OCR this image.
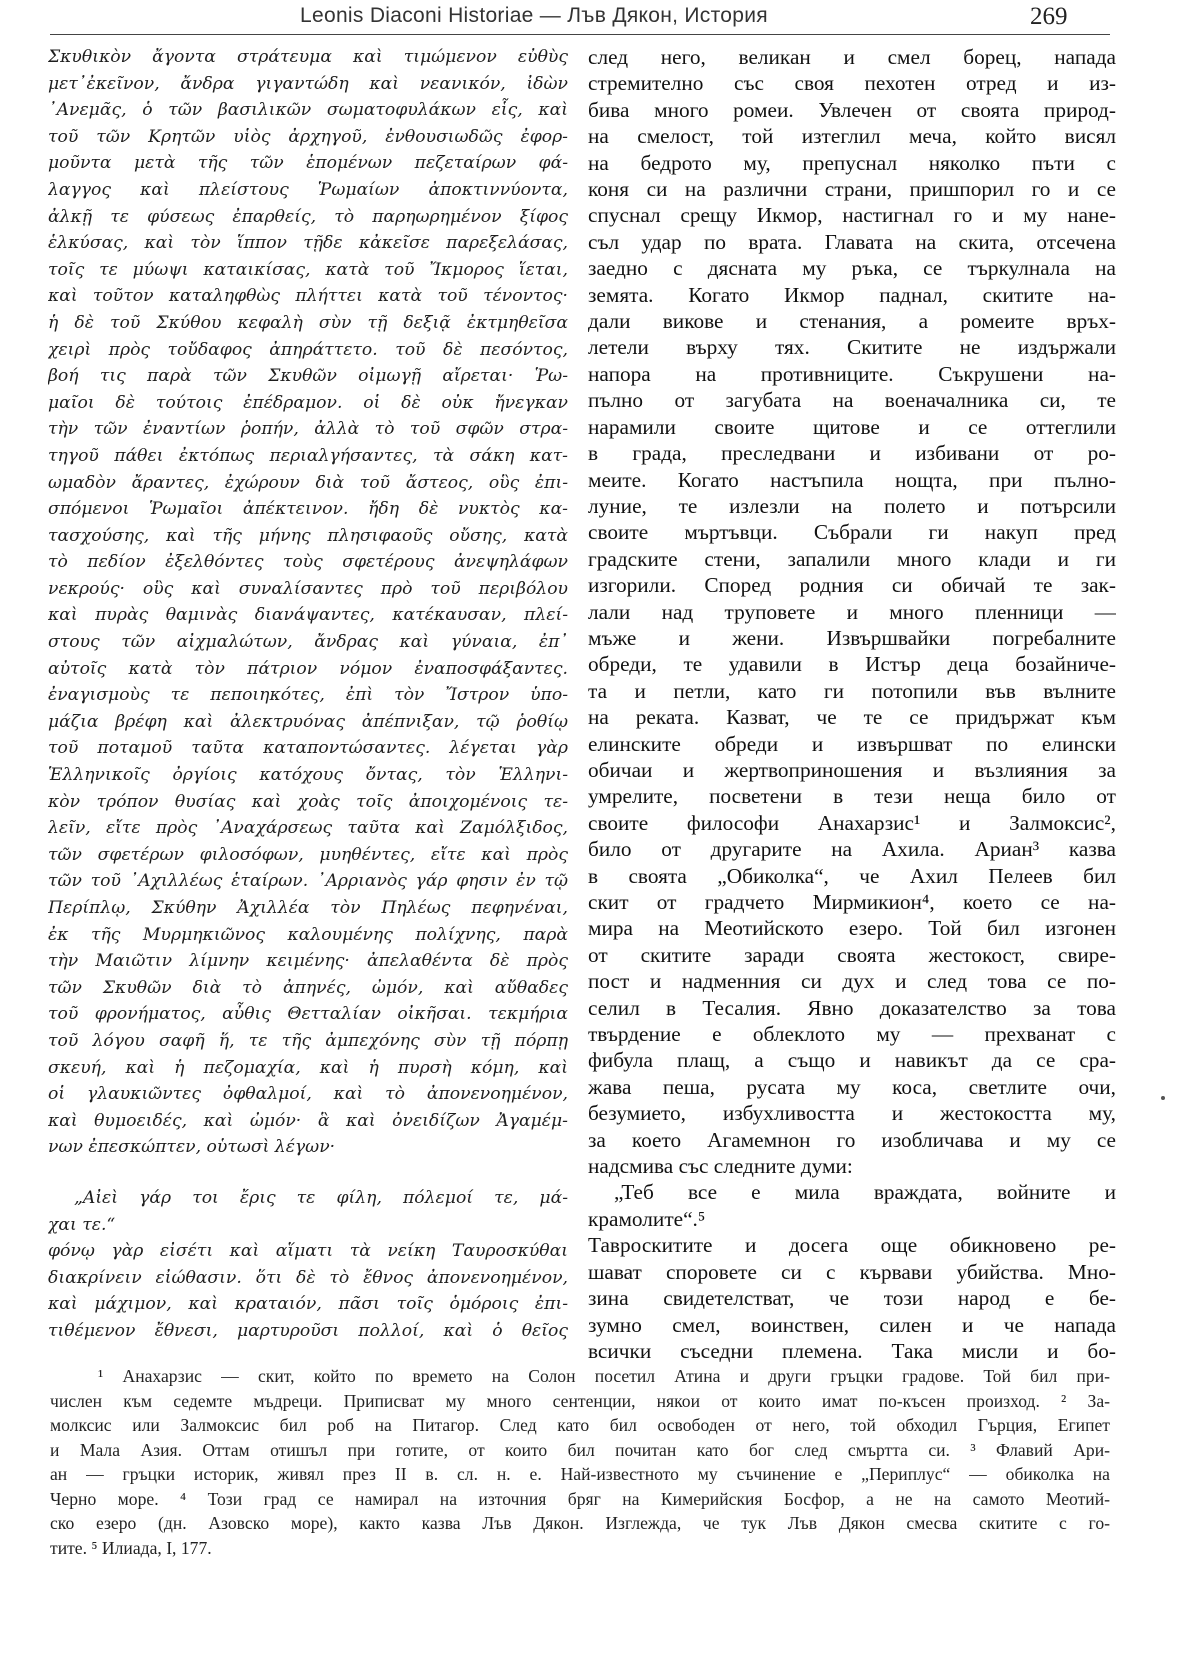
Leonis Diaconi Historiae — Лъв Дякон, История	269
Σκυθικὸν ἄγοντα στράτευμα καὶ τιμώμενον εὐθὺς
μετ᾽ἐκεῖνον, ἄνδρα γιγαντώδη καὶ νεανικόν, ἰδὼν
᾽Ανεμᾶς, ὁ τῶν βασιλικῶν σωματοφυλάκων εἷς, καὶ
τοῦ τῶν Κρητῶν υἱὸς ἀρχηγοῦ, ἐνθουσιωδῶς ἐφορ-
μοῦντα μετὰ τῆς τῶν ἑπομένων πεζεταίρων φά-
λαγγος καὶ πλείστους Ῥωμαίων ἀποκτιννύοντα,
ἀλκῇ τε φύσεως ἐπαρθείς, τὸ παρηωρημένον ξίφος
ἑλκύσας, καὶ τὸν ἵππον τῇδε κἀκεῖσε παρεξελάσας,
τοῖς τε μύωψι καταικίσας, κατὰ τοῦ Ἴκμορος ἵεται,
καὶ τοῦτον καταληφθὼς πλήττει κατὰ τοῦ τένοντος·
ἡ δὲ τοῦ Σκύθου κεφαλὴ σὺν τῇ δεξιᾷ ἐκτμηθεῖσα
χειρὶ πρὸς τοὔδαφος ἀπηράττετο. τοῦ δὲ πεσόντος,
βοή τις παρὰ τῶν Σκυθῶν οἰμωγῇ αἴρεται· Ῥω-
μαῖοι δὲ τούτοις ἐπέδραμον. οἱ δὲ οὐκ ἤνεγκαν
τὴν τῶν ἐναντίων ῥοπήν, ἀλλὰ τὸ τοῦ σφῶν στρα-
τηγοῦ πάθει ἐκτόπως περιαλγήσαντες, τὰ σάκη κατ-
ωμαδὸν ἄραντες, ἐχώρουν διὰ τοῦ ἄστεος, οὓς ἐπι-
σπόμενοι Ῥωμαῖοι ἀπέκτεινον. ἤδη δὲ νυκτὸς κα-
τασχούσης, καὶ τῆς μήνης πλησιφαοῦς οὔσης, κατὰ
τὸ πεδίον ἐξελθόντες τοὺς σφετέρους ἀνεψηλάφων
νεκρούς· οὓς καὶ συναλίσαντες πρὸ τοῦ περιβόλου
καὶ πυρὰς θαμινὰς διανάψαντες, κατέκαυσαν, πλεί-
στους τῶν αἰχμαλώτων, ἄνδρας καὶ γύναια, ἐπ᾽
αὐτοῖς κατὰ τὸν πάτριον νόμον ἐναποσφάξαντες.
ἐναγισμοὺς τε πεποιηκότες, ἐπὶ τὸν Ἴστρον ὑπο-
μάζια βρέφη καὶ ἀλεκτρυόνας ἀπέπνιξαν, τῷ ῥοθίῳ
τοῦ ποταμοῦ ταῦτα καταποντώσαντες. λέγεται γὰρ
Ἑλληνικοῖς ὀργίοις κατόχους ὄντας, τὸν Ἑλληνι-
κὸν τρόπον θυσίας καὶ χοὰς τοῖς ἀποιχομένοις τε-
λεῖν, εἴτε πρὸς ᾽Αναχάρσεως ταῦτα καὶ Ζαμόλξιδος,
τῶν σφετέρων φιλοσόφων, μυηθέντες, εἴτε καὶ πρὸς
τῶν τοῦ ᾽Αχιλλέως ἑταίρων. ᾽Αρριανὸς γάρ φησιν ἐν τῷ
Περίπλῳ, Σκύθην Ἀχιλλέα τὸν Πηλέως πεφηνέναι,
ἐκ τῆς Μυρμηκιῶνος καλουμένης πολίχνης, παρὰ
τὴν Μαιῶτιν λίμνην κειμένης· ἀπελαθέντα δὲ πρὸς
τῶν Σκυθῶν διὰ τὸ ἀπηνές, ὠμόν, καὶ αὔθαδες
τοῦ φρονήματος, αὖθις Θετταλίαν οἰκῆσαι. τεκμήρια
τοῦ λόγου σαφῆ ἥ, τε τῆς ἀμπεχόνης σὺν τῇ πόρπῃ
σκευή, καὶ ἡ πεζομαχία, καὶ ἡ πυρσὴ κόμη, καὶ
οἱ γλαυκιῶντες ὀφθαλμοί, καὶ τὸ ἀπονενοημένον,
καὶ θυμοειδές, καὶ ὠμόν· ἃ καὶ ὀνειδίζων Ἀγαμέμ-
νων ἐπεσκώπτεν, οὑτωσὶ λέγων·
„Αἰεὶ γάρ τοι ἔρις τε φίλη, πόλεμοί τε, μά-
χαι τε.“
φόνῳ γὰρ εἰσέτι καὶ αἵματι τὰ νείκη Ταυροσκύθαι
διακρίνειν εἰώθασιν. ὅτι δὲ τὸ ἔθνος ἀπονενοημένον,
καὶ μάχιμον, καὶ κραταιόν, πᾶσι τοῖς ὁμόροις ἐπι-
τιθέμενον ἔθνεσι, μαρτυροῦσι πολλοί, καὶ ὁ θεῖος
след него, великан и смел борец, напада
стремително със своя пехотен отред и из-
бива много ромеи. Увлечен от своята природ-
на смелост, той изтеглил меча, който висял
на бедрото му, препуснал няколко пъти с
коня си на различни страни, пришпорил го и се
спуснал срещу Икмор, настигнал го и му нане-
съл удар по врата. Главата на скита, отсечена
заедно с дясната му ръка, се търкулнала на
земята. Когато Икмор паднал, скитите на-
дали викове и стенания, а ромеите връх-
летели върху тях. Скитите не издържали
напора на противниците. Съкрушени на-
пълно от загубата на военачалника си, те
нарамили своите щитове и се оттеглили
в града, преследвани и избивани от ро-
меите. Когато настъпила нощта, при пълно-
луние, те излезли на полето и потърсили
своите мъртъвци. Събрали ги накуп пред
градските стени, запалили много клади и ги
изгорили. Според родния си обичай те зак-
лали над труповете и много пленници —
мъже и жени. Извършвайки погребалните
обреди, те удавили в Истър деца бозайниче-
та и петли, като ги потопили във вълните
на реката. Казват, че те се придържат към
елинските обреди и извършват по елински
обичаи и жертвоприношения и възлияния за
умрелите, посветени в тези неща било от
своите философи Анахарзис¹ и Залмоксис²,
било от другарите на Ахила. Ариан³ казва
в своята „Обиколка“, че Ахил Пелеев бил
скит от градчето Мирмикион⁴, което се на-
мира на Меотийското езеро. Той бил изгонен
от скитите заради своята жестокост, свире-
пост и надменния си дух и след това се по-
селил в Тесалия. Явно доказателство за това
твърдение е облеклото му — прехванат с
фибула плащ, а също и навикът да се сра-
жава пеша, русата му коса, светлите очи,
безумието, избухливостта и жестокостта му,
за което Агамемнон го изобличава и му се
надсмива със следните думи:
„Теб все е мила враждата, войните и
крамолите“.⁵
Тавроскитите и досега още обикновено ре-
шават споровете си с кървави убийства. Мно-
зина свидетелстват, че този народ е бе-
зумно смел, воинствен, силен и че напада
всички съседни племена. Така мисли и бо-
¹ Анахарзис — скит, който по времето на Солон посетил Атина и други гръцки градове. Той бил при-
числен към седемте мъдреци. Приписват му много сентенции, някои от които имат по-късен произход. ² За-
молксис или Залмоксис бил роб на Питагор. След като бил освободен от него, той обходил Гърция, Египет
и Мала Азия. Оттам отишъл при готите, от които бил почитан като бог след смъртта си. ³ Флавий Ари-
ан — гръцки историк, живял през II в. сл. н. е. Най-известното му съчинение е „Периплус“ — обиколка на
Черно море. ⁴ Този град се намирал на източния бряг на Кимерийския Босфор, а не на самото Меотий-
ско езеро (дн. Азовско море), както казва Лъв Дякон. Изглежда, че тук Лъв Дякон смесва скитите с го-
тите. ⁵ Илиада, I, 177.
